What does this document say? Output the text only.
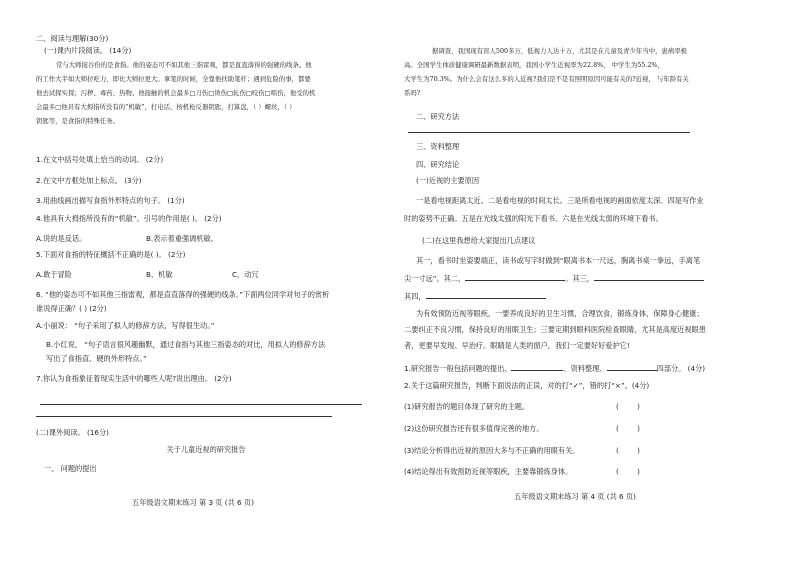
二、阅读与理解(30分)
(一)课内片段阅读。 (14分)
常与大师接谷份的是食指。他的姿态可不如其他三指雷观，都是直直落得的强硬的线条。他
的工作大半如大师拉吃力，即比大师拉更大。拿笔的时候，全靠他扶助笔杆；遇到危险的事，都要
他去试探实探；污秽、毒药、热物、他接触的机会最多□刀伤□烫伤□轧伤□咬伤□啮伤，他受的机
会最多□他具有大拇指所没有的“机敏”，打电话、按机枪反器钥匙，打算盘，（ ）螺丝，（ ）
钥匙等，是食指的特殊任务。
1.在文中括号处填上恰当的动词。 (2分)
2.在文中方框处加上标点。 (3分)
3.用曲线画出描写食指外形特点的句子。 (1分)
4.他具有大拇指所没有的“机敏”。引号的作用是( )。 (2分)
A.说的是反话。	B.表示着重强调机敏。
5.下面对食指的特征概括不正确的是( )。 (2分)
A.敢于冒险	B、机敏	C、动冗
6. “他的姿态可不如其他三指雷观，都是直直落得的强硬的线条。”下面两位同学对句子的赏析
谁说得正确？( ) (2分)
A.小丽说： “句子采用了拟人的修辞方法，写得很生动。”
B.小红说， “句子语言很风趣幽默，通过食指与其他三指姿态的对比，用拟人的修辞方法
写出了食指直、硬的外形特点。”
7.你认为食指象征着现实生活中的哪些人呢?说出理由。 (2分)
(二)课外阅读。 (16分)
关于儿童近视的研究报告
一、 问题的提出
五年级语文期末练习 第 3 页 (共 6 页)
据调查，我国现有盲人500多万，低视力人达十万，尤其是在儿童及青少年当中，患病率极
高。全国学生体质健康调研最新数据表明，我国小学生近视率为22.8%， 中学生为55.2%，
大学生为70.3%。为什么会有这么多的人近视?我们是不是有照明原因可能有关的?近视， 与年龄有关
系吗?
二、研究方法
三、资料整理
四、研究结论
(一)近视的主要原因
一是看电视距离太近。二是看电视的时间太长。三是所看电视的画面依度太深。四是写作业
时的姿势不正确。五是在光线太强的阳光下看书。六是在光线太弱的环境下看书。
(二)在这里我想给大家提出几点建议
其一，看书时坐姿要端正，读书或写字时做到“眼离书本一尺远，胸离书桌一拳远，手离笔
尖一寸远”。其二，	。其三，
其四，
为有效预防近视等眼疾，一要养成良好的卫生习惯，合理饮食，锻炼身体，保障身心健康；
二要纠正不良习惯，保持良好的用眼卫生；三要定期到眼科医院检查眼睛，尤其是高度近视眼患
者，更要早发现、早治疗。眼睛是人类的窗户，我们一定要好好爱护它!
1.研究报告一般包括问题的提出、	、资料整理、	四部分。 (4分)
2.关于这篇研究报告，判断下面说法的正误，对的打“✓”，错的打“×”。(4分)
(1)研究报告的题目体现了研究的主题。	(        )
(2)这份研究报告还有很多值得完善的地方。	(        )
(3)结论分析得出近视的原因大多与不正确的用眼有关。	(        )
(4)结论得出有效预防近视等眼疾，主要靠锻炼身体。	(        )
五年级语文期末练习 第 4 页 (共 6 页)
